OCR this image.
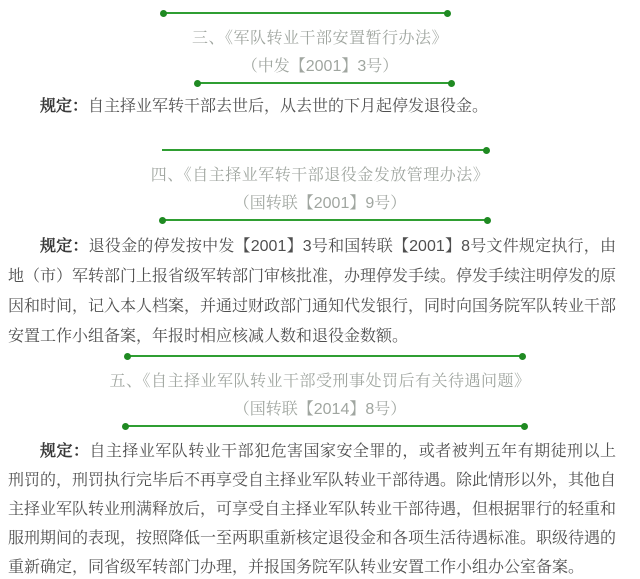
三、《军队转业干部安置暂行办法》
（中发【2001】3号）

规定：自主择业军转干部去世后，从去世的下月起停发退役金。

四、《自主择业军转干部退役金发放管理办法》
（国转联【2001】9号）

规定：退役金的停发按中发【2001】3号和国转联【2001】8号文件规定执行，由地（市）军转部门上报省级军转部门审核批准，办理停发手续。停发手续注明停发的原因和时间，记入本人档案，并通过财政部门通知代发银行，同时向国务院军队转业干部安置工作小组备案，年报时相应核减人数和退役金数额。

五、《自主择业军队转业干部受刑事处罚后有关待遇问题》
（国转联【2014】8号）

规定：自主择业军队转业干部犯危害国家安全罪的，或者被判五年有期徒刑以上刑罚的，刑罚执行完毕后不再享受自主择业军队转业干部待遇。除此情形以外，其他自主择业军队转业刑满释放后，可享受自主择业军队转业干部待遇，但根据罪行的轻重和服刑期间的表现，按照降低一至两职重新核定退役金和各项生活待遇标准。职级待遇的重新确定，同省级军转部门办理，并报国务院军队转业安置工作小组办公室备案。
